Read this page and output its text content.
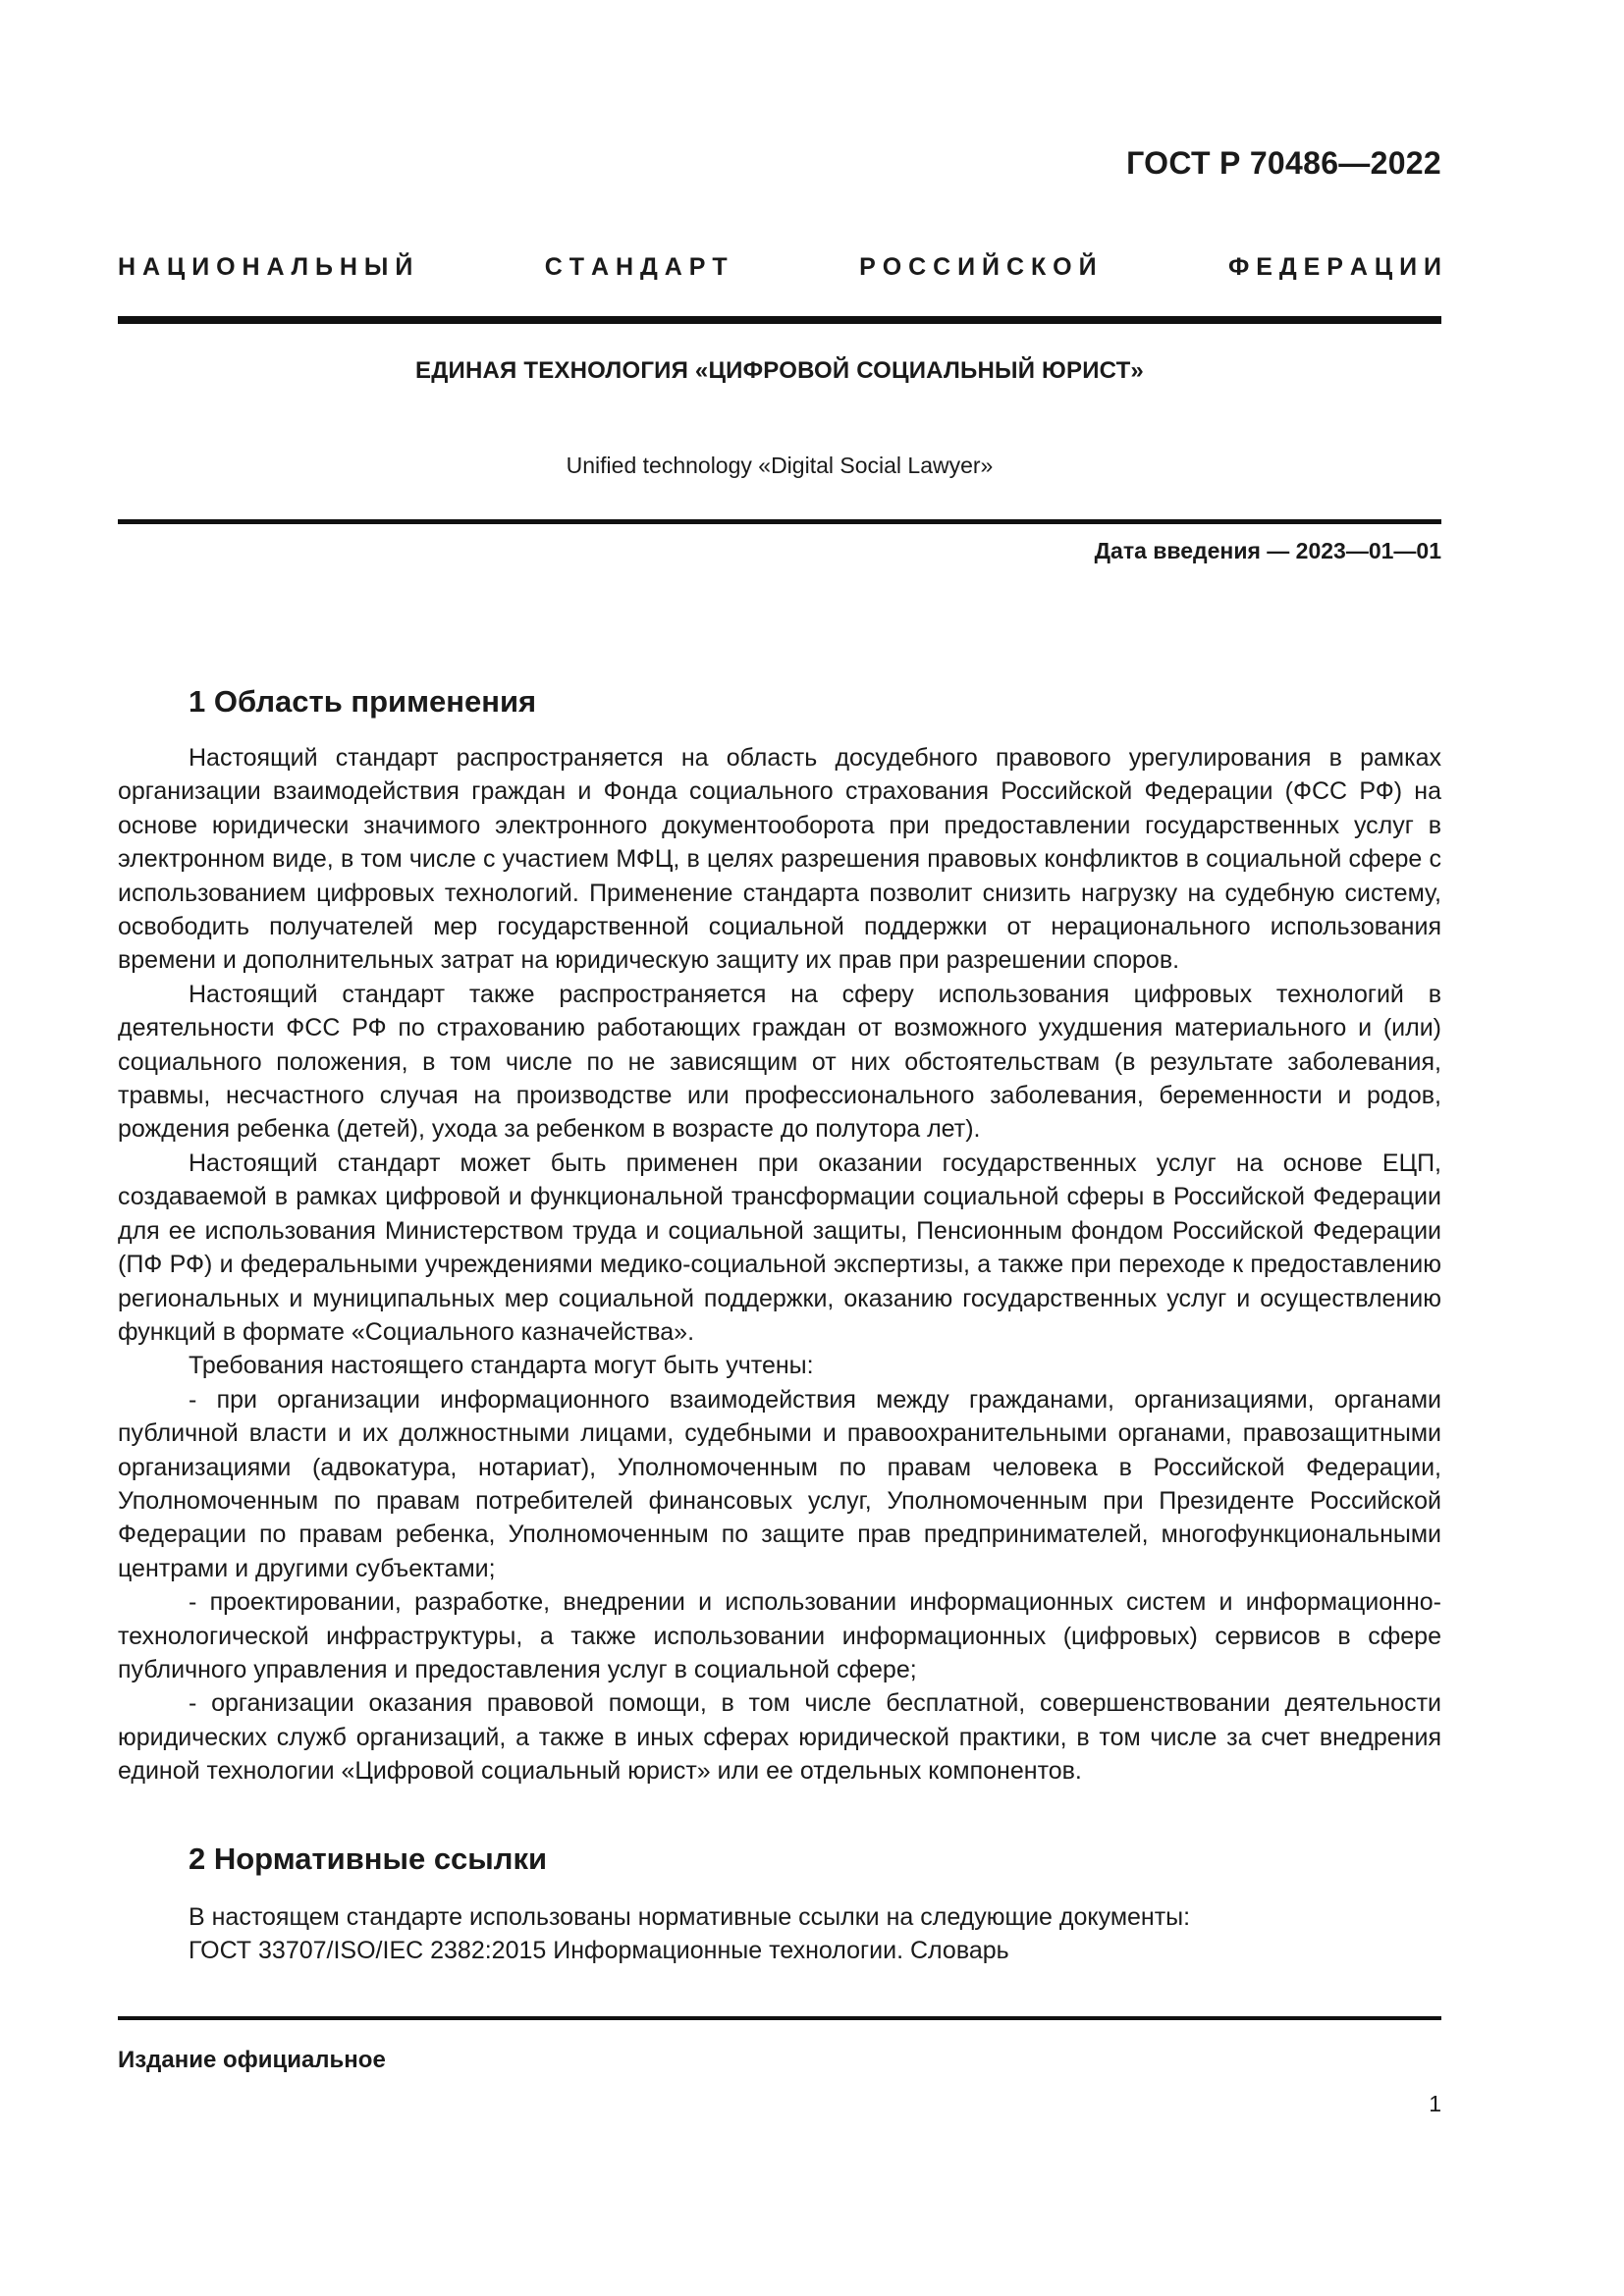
ГОСТ Р 70486—2022
Н А Ц И О Н А Л Ь Н Ы Й	С Т А Н Д А Р Т	Р О С С И Й С К О Й	Ф Е Д Е Р А Ц И И
ЕДИНАЯ ТЕХНОЛОГИЯ «ЦИФРОВОЙ СОЦИАЛЬНЫЙ ЮРИСТ»
Unified technology «Digital Social Lawyer»
Дата введения — 2023—01—01
1 Область применения

Настоящий стандарт распространяется на область досудебного правового урегулирования в рамках организации взаимодействия граждан и Фонда социального страхования Российской Федерации (ФСС РФ) на основе юридически значимого электронного документооборота при предоставлении государственных услуг в электронном виде, в том числе с участием МФЦ, в целях разрешения правовых конфликтов в социальной сфере с использованием цифровых технологий. Применение стандарта позволит снизить нагрузку на судебную систему, освободить получателей мер государственной социальной поддержки от нерационального использования времени и дополнительных затрат на юридическую защиту их прав при разрешении споров.

Настоящий стандарт также распространяется на сферу использования цифровых технологий в деятельности ФСС РФ по страхованию работающих граждан от возможного ухудшения материального и (или) социального положения, в том числе по не зависящим от них обстоятельствам (в результате заболевания, травмы, несчастного случая на производстве или профессионального заболевания, беременности и родов, рождения ребенка (детей), ухода за ребенком в возрасте до полутора лет).

Настоящий стандарт может быть применен при оказании государственных услуг на основе ЕЦП, создаваемой в рамках цифровой и функциональной трансформации социальной сферы в Российской Федерации для ее использования Министерством труда и социальной защиты, Пенсионным фондом Российской Федерации (ПФ РФ) и федеральными учреждениями медико-социальной экспертизы, а также при переходе к предоставлению региональных и муниципальных мер социальной поддержки, оказанию государственных услуг и осуществлению функций в формате «Социального казначейства».

Требования настоящего стандарта могут быть учтены:

- при организации информационного взаимодействия между гражданами, организациями, органами публичной власти и их должностными лицами, судебными и правоохранительными органами, правозащитными организациями (адвокатура, нотариат), Уполномоченным по правам человека в Российской Федерации, Уполномоченным по правам потребителей финансовых услуг, Уполномоченным при Президенте Российской Федерации по правам ребенка, Уполномоченным по защите прав предпринимателей, многофункциональными центрами и другими субъектами;

- проектировании, разработке, внедрении и использовании информационных систем и информационно-технологической инфраструктуры, а также использовании информационных (цифровых) сервисов в сфере публичного управления и предоставления услуг в социальной сфере;

- организации оказания правовой помощи, в том числе бесплатной, совершенствовании деятельности юридических служб организаций, а также в иных сферах юридической практики, в том числе за счет внедрения единой технологии «Цифровой социальный юрист» или ее отдельных компонентов.

2 Нормативные ссылки

В настоящем стандарте использованы нормативные ссылки на следующие документы:

ГОСТ 33707/ISO/IEC 2382:2015 Информационные технологии. Словарь

Издание официальное
1
